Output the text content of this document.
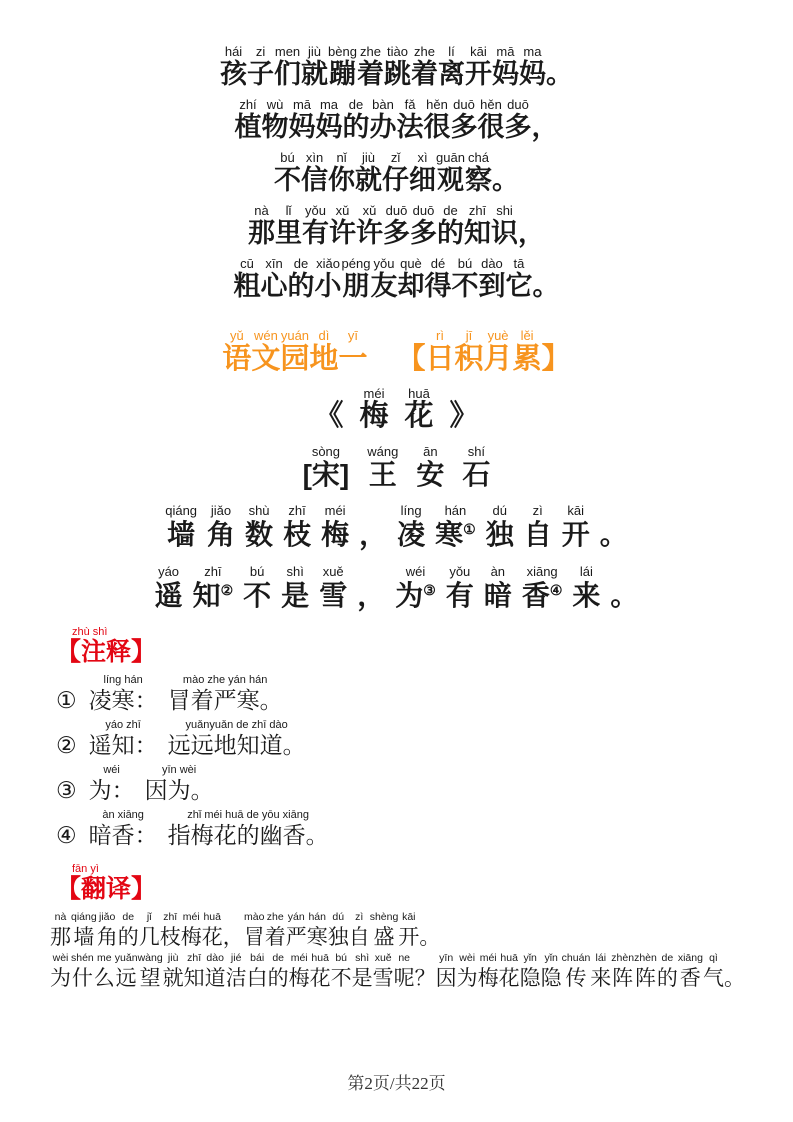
hái
孩
zi
子
men
们
jiù
就
bèng
蹦
zhe
着
tiào
跳
zhe
着
lí
离
kāi
开
mā
妈
ma
妈
。
zhí
植
wù
物
mā
妈
ma
妈
de
的
bàn
办
fǎ
法
hěn
很
duō
多
hěn
很
duō
多
，
bú
不
xìn
信
nǐ
你
jiù
就
zǐ
仔
xì
细
guān
观
chá
察
。
nà
那
lǐ
里
yǒu
有
xǔ
许
xǔ
许
duō
多
duō
多
de
的
zhī
知
shi
识
，
cū
粗
xīn
心
de
的
xiǎo
小
péng
朋
yǒu
友
què
却
dé
得
bú
不
dào
到
tā
它
。
yǔ
语
wén
文
yuán
园
dì
地
yī
一

【
rì
日
jī
积
yuè
月
lěi
累
】

《
méi
梅
huā
花
》
sòng
[宋]
wáng
王
ān
安
shí
石
qiáng
墙
jiǎo
角
shù
数
zhī
枝
méi
梅
，
líng
凌
hán
寒①
dú
独
zì
自
kāi
开
。
yáo
遥
zhī
知②
bú
不
shì
是
xuě
雪
，
wéi
为③
yǒu
有
àn
暗
xiāng
香④
lái
来
。
zhù shì
【注释】
①
líng hán
凌寒：
mào zhe yán hán
冒着严寒。
②
yáo zhī
遥知：
yuǎnyuǎn de zhī dào
远远地知道。
③
wéi
为：
yīn wèi
因为。
④
àn xiāng
暗香：
zhǐ méi huā de yōu xiāng
指梅花的幽香。
fān yì
【翻译】
nà
那
qiáng
墙
jiǎo
角
de
的
jǐ
几
zhī
枝
méi
梅
huā
花
，
mào
冒
zhe
着
yán
严
hán
寒
dú
独
zì
自
shèng
盛
kāi
开
。
wèi
为
shén
什
me
么
yuǎn
远
wàng
望
jiù
就
zhī
知
dào
道
jié
洁
bái
白
de
的
méi
梅
huā
花
bú
不
shì
是
xuě
雪
ne
呢
？
yīn
因
wèi
为
méi
梅
huā
花
yǐn
隐
yǐn
隐
chuán
传
lái
来
zhèn
阵
zhèn
阵
de
的
xiāng
香
qì
气
。
第2页/共22页
